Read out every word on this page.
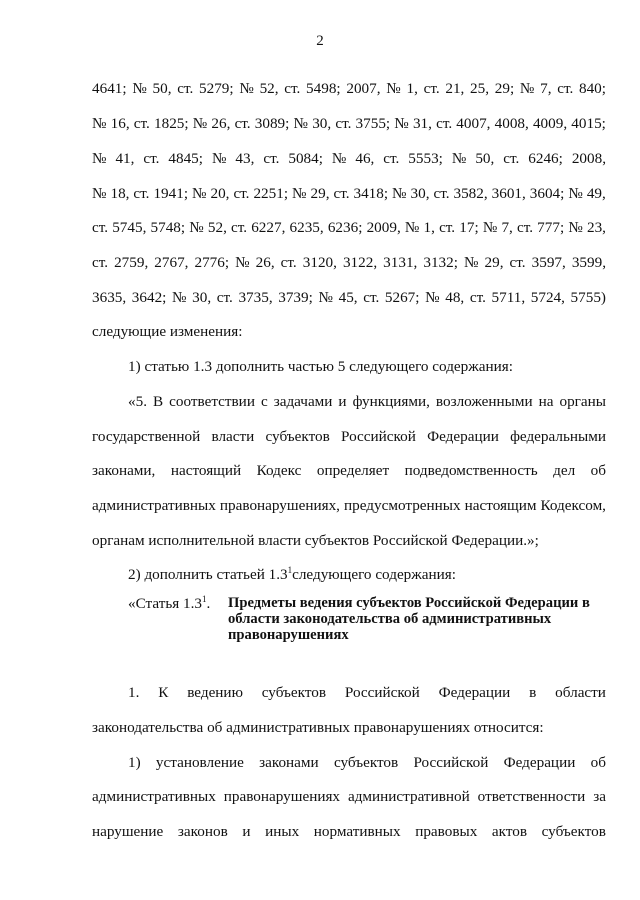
2
4641; № 50, ст. 5279; № 52, ст. 5498; 2007, № 1, ст. 21, 25, 29; № 7, ст. 840;
№ 16, ст. 1825; № 26, ст. 3089; № 30, ст. 3755; № 31, ст. 4007, 4008, 4009, 4015;
№ 41, ст. 4845; № 43, ст. 5084; № 46, ст. 5553; № 50, ст. 6246; 2008,
№ 18, ст. 1941; № 20, ст. 2251; № 29, ст. 3418; № 30, ст. 3582, 3601, 3604; № 49,
ст. 5745, 5748; № 52, ст. 6227, 6235, 6236; 2009, № 1, ст. 17; № 7, ст. 777; № 23,
ст. 2759, 2767, 2776; № 26, ст. 3120, 3122, 3131, 3132; № 29, ст. 3597, 3599,
3635, 3642; № 30, ст. 3735, 3739; № 45, ст. 5267; № 48, ст. 5711, 5724, 5755)
следующие изменения:
1) статью 1.3 дополнить частью 5 следующего содержания:
«5. В соответствии с задачами и функциями, возложенными на органы
государственной власти субъектов Российской Федерации федеральными
законами, настоящий Кодекс определяет подведомственность дел об
административных правонарушениях, предусмотренных настоящим Кодексом,
органам исполнительной власти субъектов Российской Федерации.»;
2) дополнить статьей $1.3^1следующего$ содержания:
«Статья $1.3^1$. Предметы ведения субъектов Российской Федерации в области законодательства об административных правонарушениях
1. К ведению субъектов Российской Федерации в области
законодательства об административных правонарушениях относится:
1) установление законами субъектов Российской Федерации об
административных правонарушениях административной ответственности за
нарушение законов и иных нормативных правовых актов субъектов
